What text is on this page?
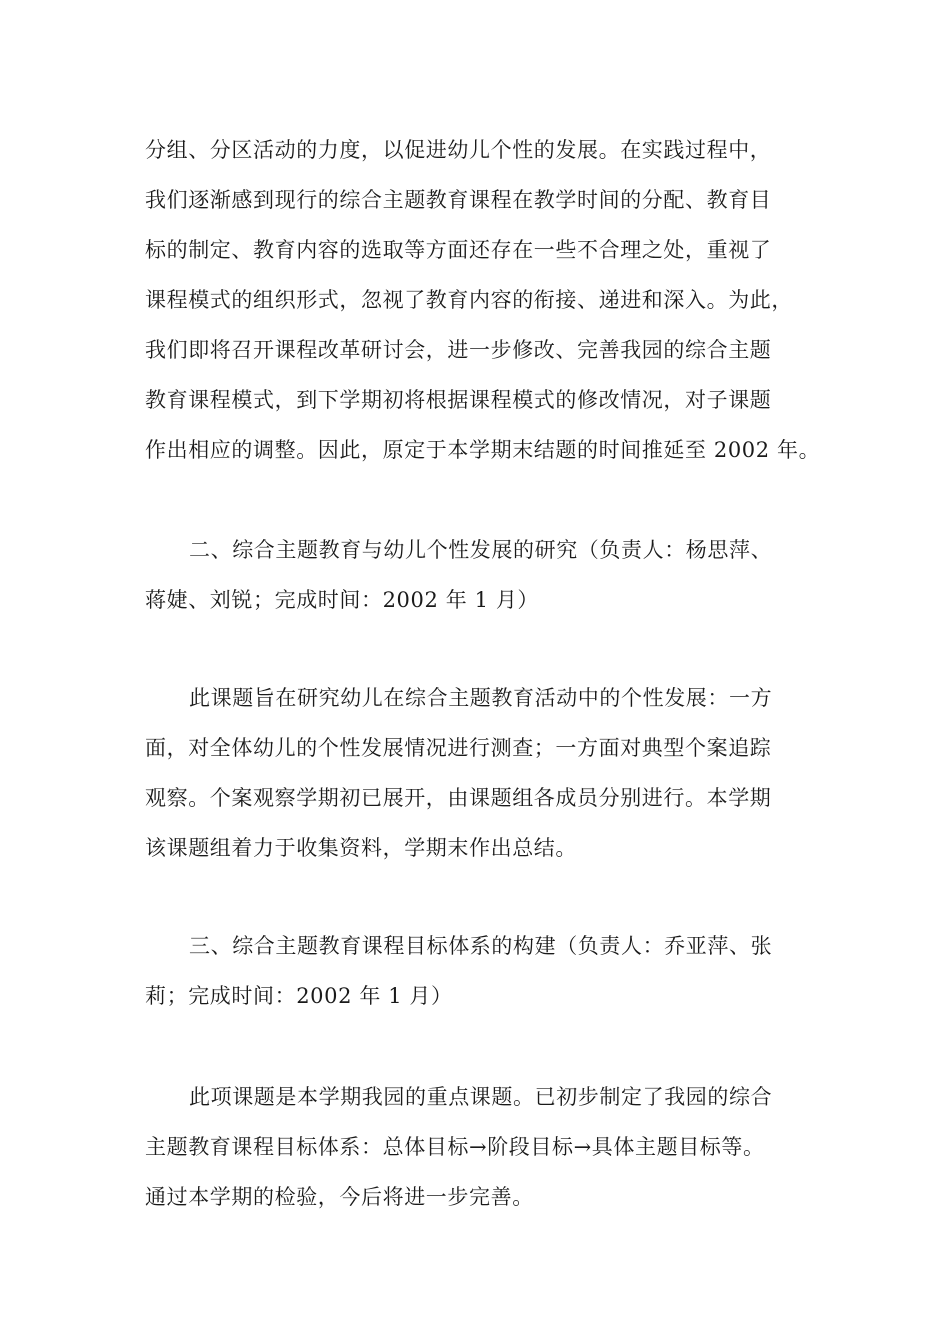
分组、分区活动的力度，以促进幼儿个性的发展。在实践过程中，
我们逐渐感到现行的综合主题教育课程在教学时间的分配、教育目
标的制定、教育内容的选取等方面还存在一些不合理之处，重视了
课程模式的组织形式，忽视了教育内容的衔接、递进和深入。为此，
我们即将召开课程改革研讨会，进一步修改、完善我园的综合主题
教育课程模式，到下学期初将根据课程模式的修改情况，对子课题
作出相应的调整。因此，原定于本学期末结题的时间推延至 2002 年。
二、综合主题教育与幼儿个性发展的研究（负责人：杨思萍、
蒋婕、刘锐；完成时间：2002 年 1 月）
此课题旨在研究幼儿在综合主题教育活动中的个性发展：一方
面，对全体幼儿的个性发展情况进行测查；一方面对典型个案追踪
观察。个案观察学期初已展开，由课题组各成员分别进行。本学期
该课题组着力于收集资料，学期末作出总结。
三、综合主题教育课程目标体系的构建（负责人：乔亚萍、张
莉；完成时间：2002 年 1 月）
此项课题是本学期我园的重点课题。已初步制定了我园的综合
主题教育课程目标体系：总体目标→阶段目标→具体主题目标等。
通过本学期的检验，今后将进一步完善。
